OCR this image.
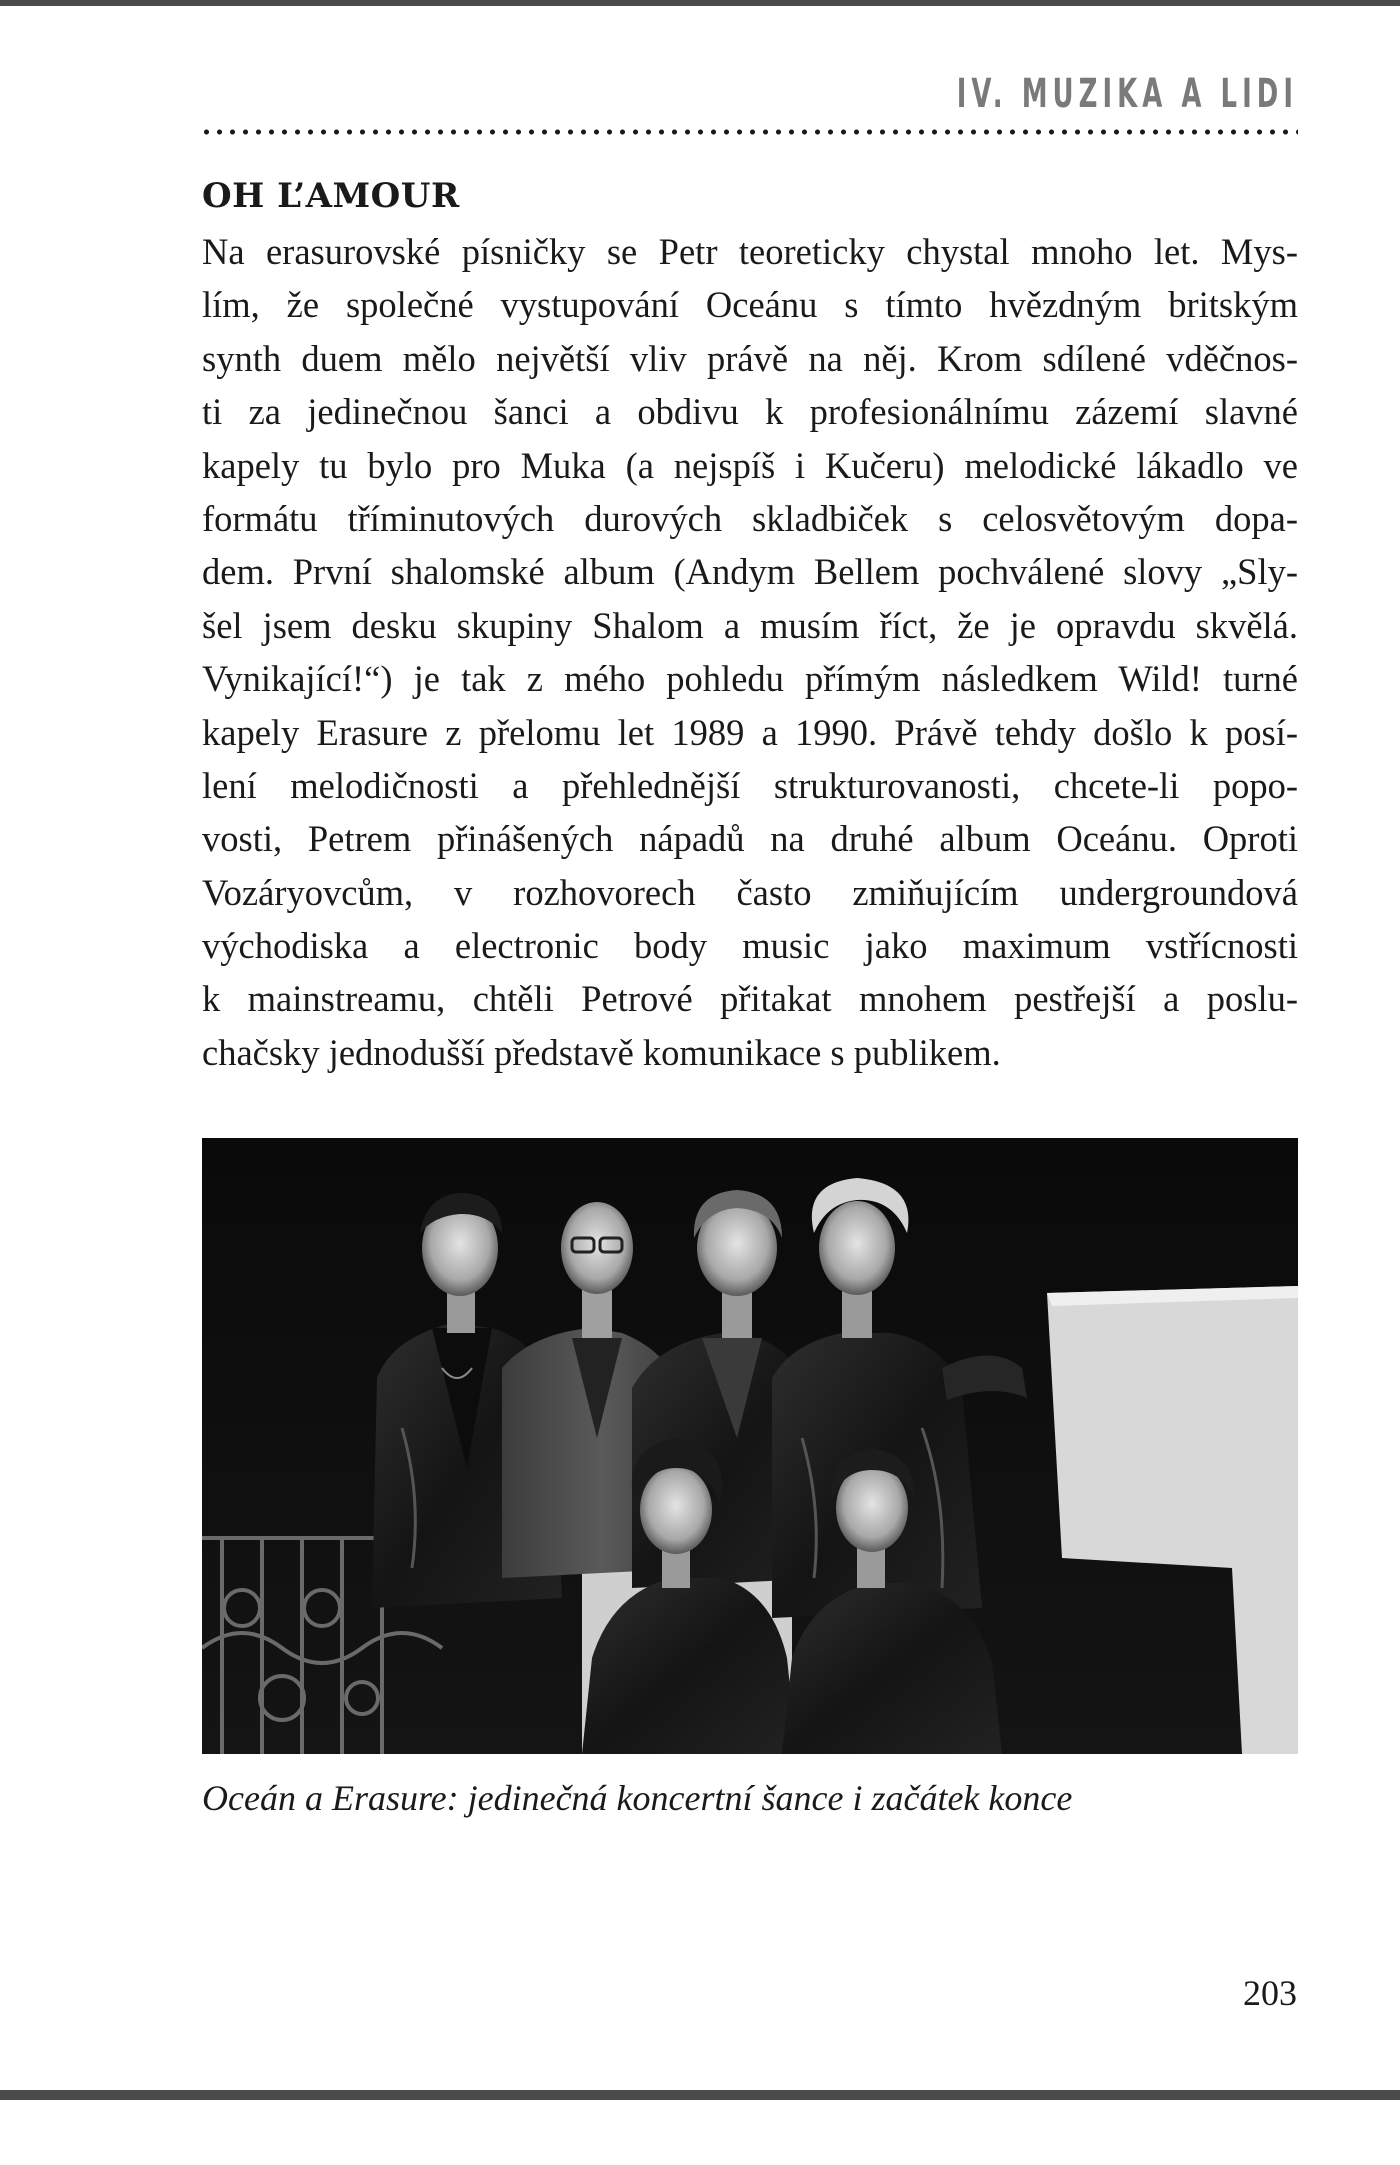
IV. MUZIKA A LIDI
OH L’AMOUR
Na erasurovské písničky se Petr teoreticky chystal mnoho let. Mys-
lím, že společné vystupování Oceánu s tímto hvězdným britským
synth duem mělo největší vliv právě na něj. Krom sdílené vděčnos-
ti za jedinečnou šanci a obdivu k profesionálnímu zázemí slavné
kapely tu bylo pro Muka (a nejspíš i Kučeru) melodické lákadlo ve
formátu tříminutových durových skladbiček s celosvětovým dopa-
dem. První shalomské album (Andym Bellem pochválené slovy „Sly-
šel jsem desku skupiny Shalom a musím říct, že je opravdu skvělá.
Vynikající!“) je tak z mého pohledu přímým následkem Wild! turné
kapely Erasure z přelomu let 1989 a 1990. Právě tehdy došlo k posí-
lení melodičnosti a přehlednější strukturovanosti, chcete-li popo-
vosti, Petrem přinášených nápadů na druhé album Oceánu. Oproti
Vozáryovcům, v rozhovorech často zmiňujícím undergroundová
východiska a electronic body music jako maximum vstřícnosti
k mainstreamu, chtěli Petrové přitakat mnohem pestřejší a poslu-
chačsky jednodušší představě komunikace s publikem.
Oceán a Erasure: jedinečná koncertní šance i začátek konce
203
